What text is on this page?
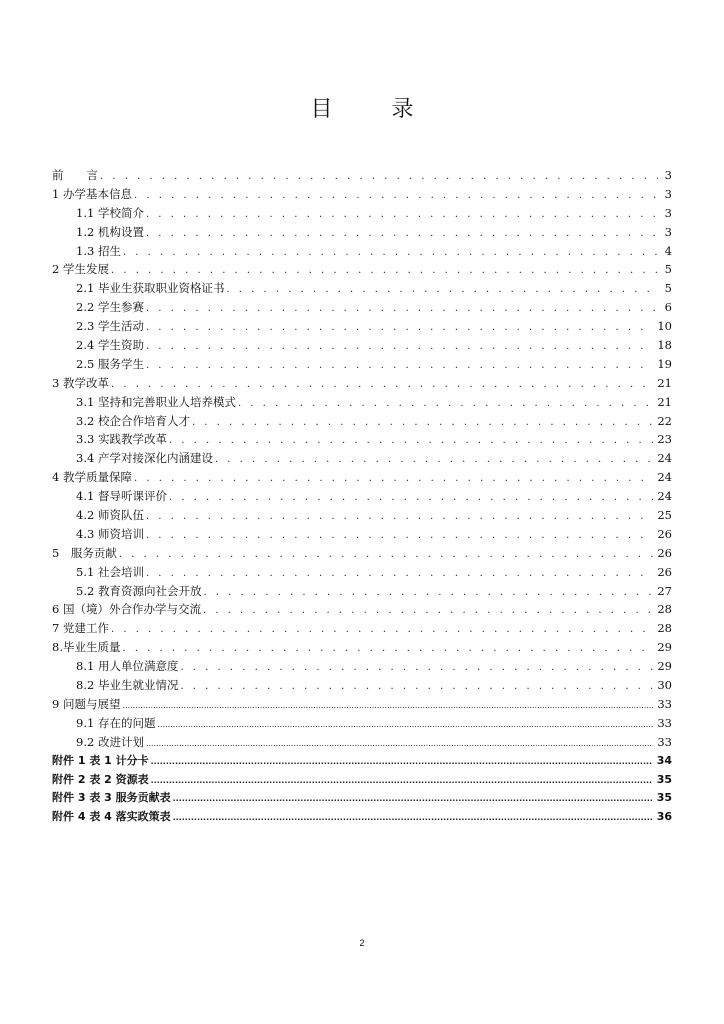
目 录
前　　言 . . .	3
1 办学基本信息 . . .	3
1.1 学校简介 . . .	3
1.2 机构设置 . . .	3
1.3 招生 . . .	4
2 学生发展 . . .	5
2.1 毕业生获取职业资格证书 . . .	5
2.2 学生参赛 . . .	6
2.3 学生活动 . . .	10
2.4 学生资助 . . .	18
2.5 服务学生 . . .	19
3 教学改革 . . .	21
3.1 坚持和完善职业人培养模式 . . .	21
3.2 校企合作培育人才 . . .	22
3.3 实践教学改革 . . .	23
3.4 产学对接深化内涵建设 . . .	24
4 教学质量保障 . . .	24
4.1 督导听课评价 . . .	24
4.2 师资队伍 . . .	25
4.3 师资培训 . . .	26
5　服务贡献 . . .	26
5.1 社会培训 . . .	26
5.2 教育资源向社会开放 . . .	27
6 国（境）外合作办学与交流 . . .	28
7 党建工作 . . .	28
8.毕业生质量 . . .	29
8.1 用人单位满意度 . . .	29
8.2 毕业生就业情况 . . .	30
9 问题与展望 .....	33
9.1 存在的问题 .....	33
9.2 改进计划 .....	33
附件 1 表 1 计分卡 .....	34
附件 2 表 2 资源表 .....	35
附件 3 表 3 服务贡献表 .....	35
附件 4 表 4 落实政策表 .....	36
2
